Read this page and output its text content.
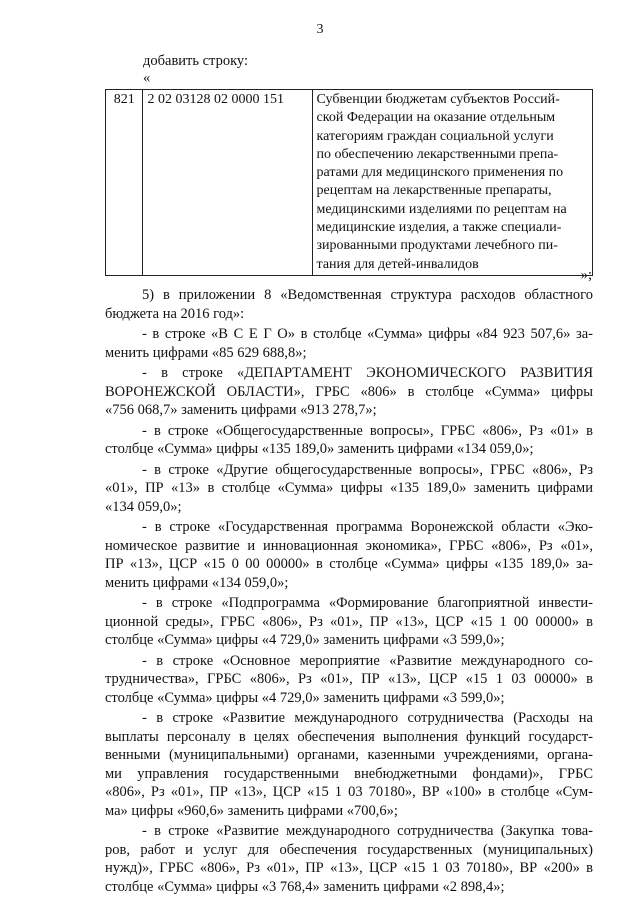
3
добавить строку:
«
821	2 02 03128 02 0000 151	Субвенции бюджетам субъектов Россий-
ской Федерации на оказание отдельным
категориям граждан социальной услуги
по обеспечению лекарственными препа-
ратами для медицинского применения по
рецептам на лекарственные препараты,
медицинскими изделиями по рецептам на
медицинские изделия, а также специали-
зированными продуктами лечебного пи-
тания для детей-инвалидов
»;
5) в приложении 8 «Ведомственная структура расходов областного
бюджета на 2016 год»:
- в строке «В С Е Г О» в столбце «Сумма» цифры «84 923 507,6» за-
менить цифрами «85 629 688,8»;
- в строке «ДЕПАРТАМЕНТ ЭКОНОМИЧЕСКОГО РАЗВИТИЯ
ВОРОНЕЖСКОЙ ОБЛАСТИ», ГРБС «806» в столбце «Сумма» цифры
«756 068,7» заменить цифрами «913 278,7»;
- в строке «Общегосударственные вопросы», ГРБС «806», Рз «01» в
столбце «Сумма» цифры «135 189,0» заменить цифрами «134 059,0»;
- в строке «Другие общегосударственные вопросы», ГРБС «806», Рз
«01», ПР «13» в столбце «Сумма» цифры «135 189,0» заменить цифрами
«134 059,0»;
- в строке «Государственная программа Воронежской области «Эко-
номическое развитие и инновационная экономика», ГРБС «806», Рз «01»,
ПР «13», ЦСР «15 0 00 00000» в столбце «Сумма» цифры «135 189,0» за-
менить цифрами «134 059,0»;
- в строке «Подпрограмма «Формирование благоприятной инвести-
ционной среды», ГРБС «806», Рз «01», ПР «13», ЦСР «15 1 00 00000» в
столбце «Сумма» цифры «4 729,0» заменить цифрами «3 599,0»;
- в строке «Основное мероприятие «Развитие международного со-
трудничества», ГРБС «806», Рз «01», ПР «13», ЦСР «15 1 03 00000» в
столбце «Сумма» цифры «4 729,0» заменить цифрами «3 599,0»;
- в строке «Развитие международного сотрудничества (Расходы на
выплаты персоналу в целях обеспечения выполнения функций государст-
венными (муниципальными) органами, казенными учреждениями, органа-
ми управления государственными внебюджетными фондами)», ГРБС
«806», Рз «01», ПР «13», ЦСР «15 1 03 70180», ВР «100» в столбце «Сум-
ма» цифры «960,6» заменить цифрами «700,6»;
- в строке «Развитие международного сотрудничества (Закупка това-
ров, работ и услуг для обеспечения государственных (муниципальных)
нужд)», ГРБС «806», Рз «01», ПР «13», ЦСР «15 1 03 70180», ВР «200» в
столбце «Сумма» цифры «3 768,4» заменить цифрами «2 898,4»;
